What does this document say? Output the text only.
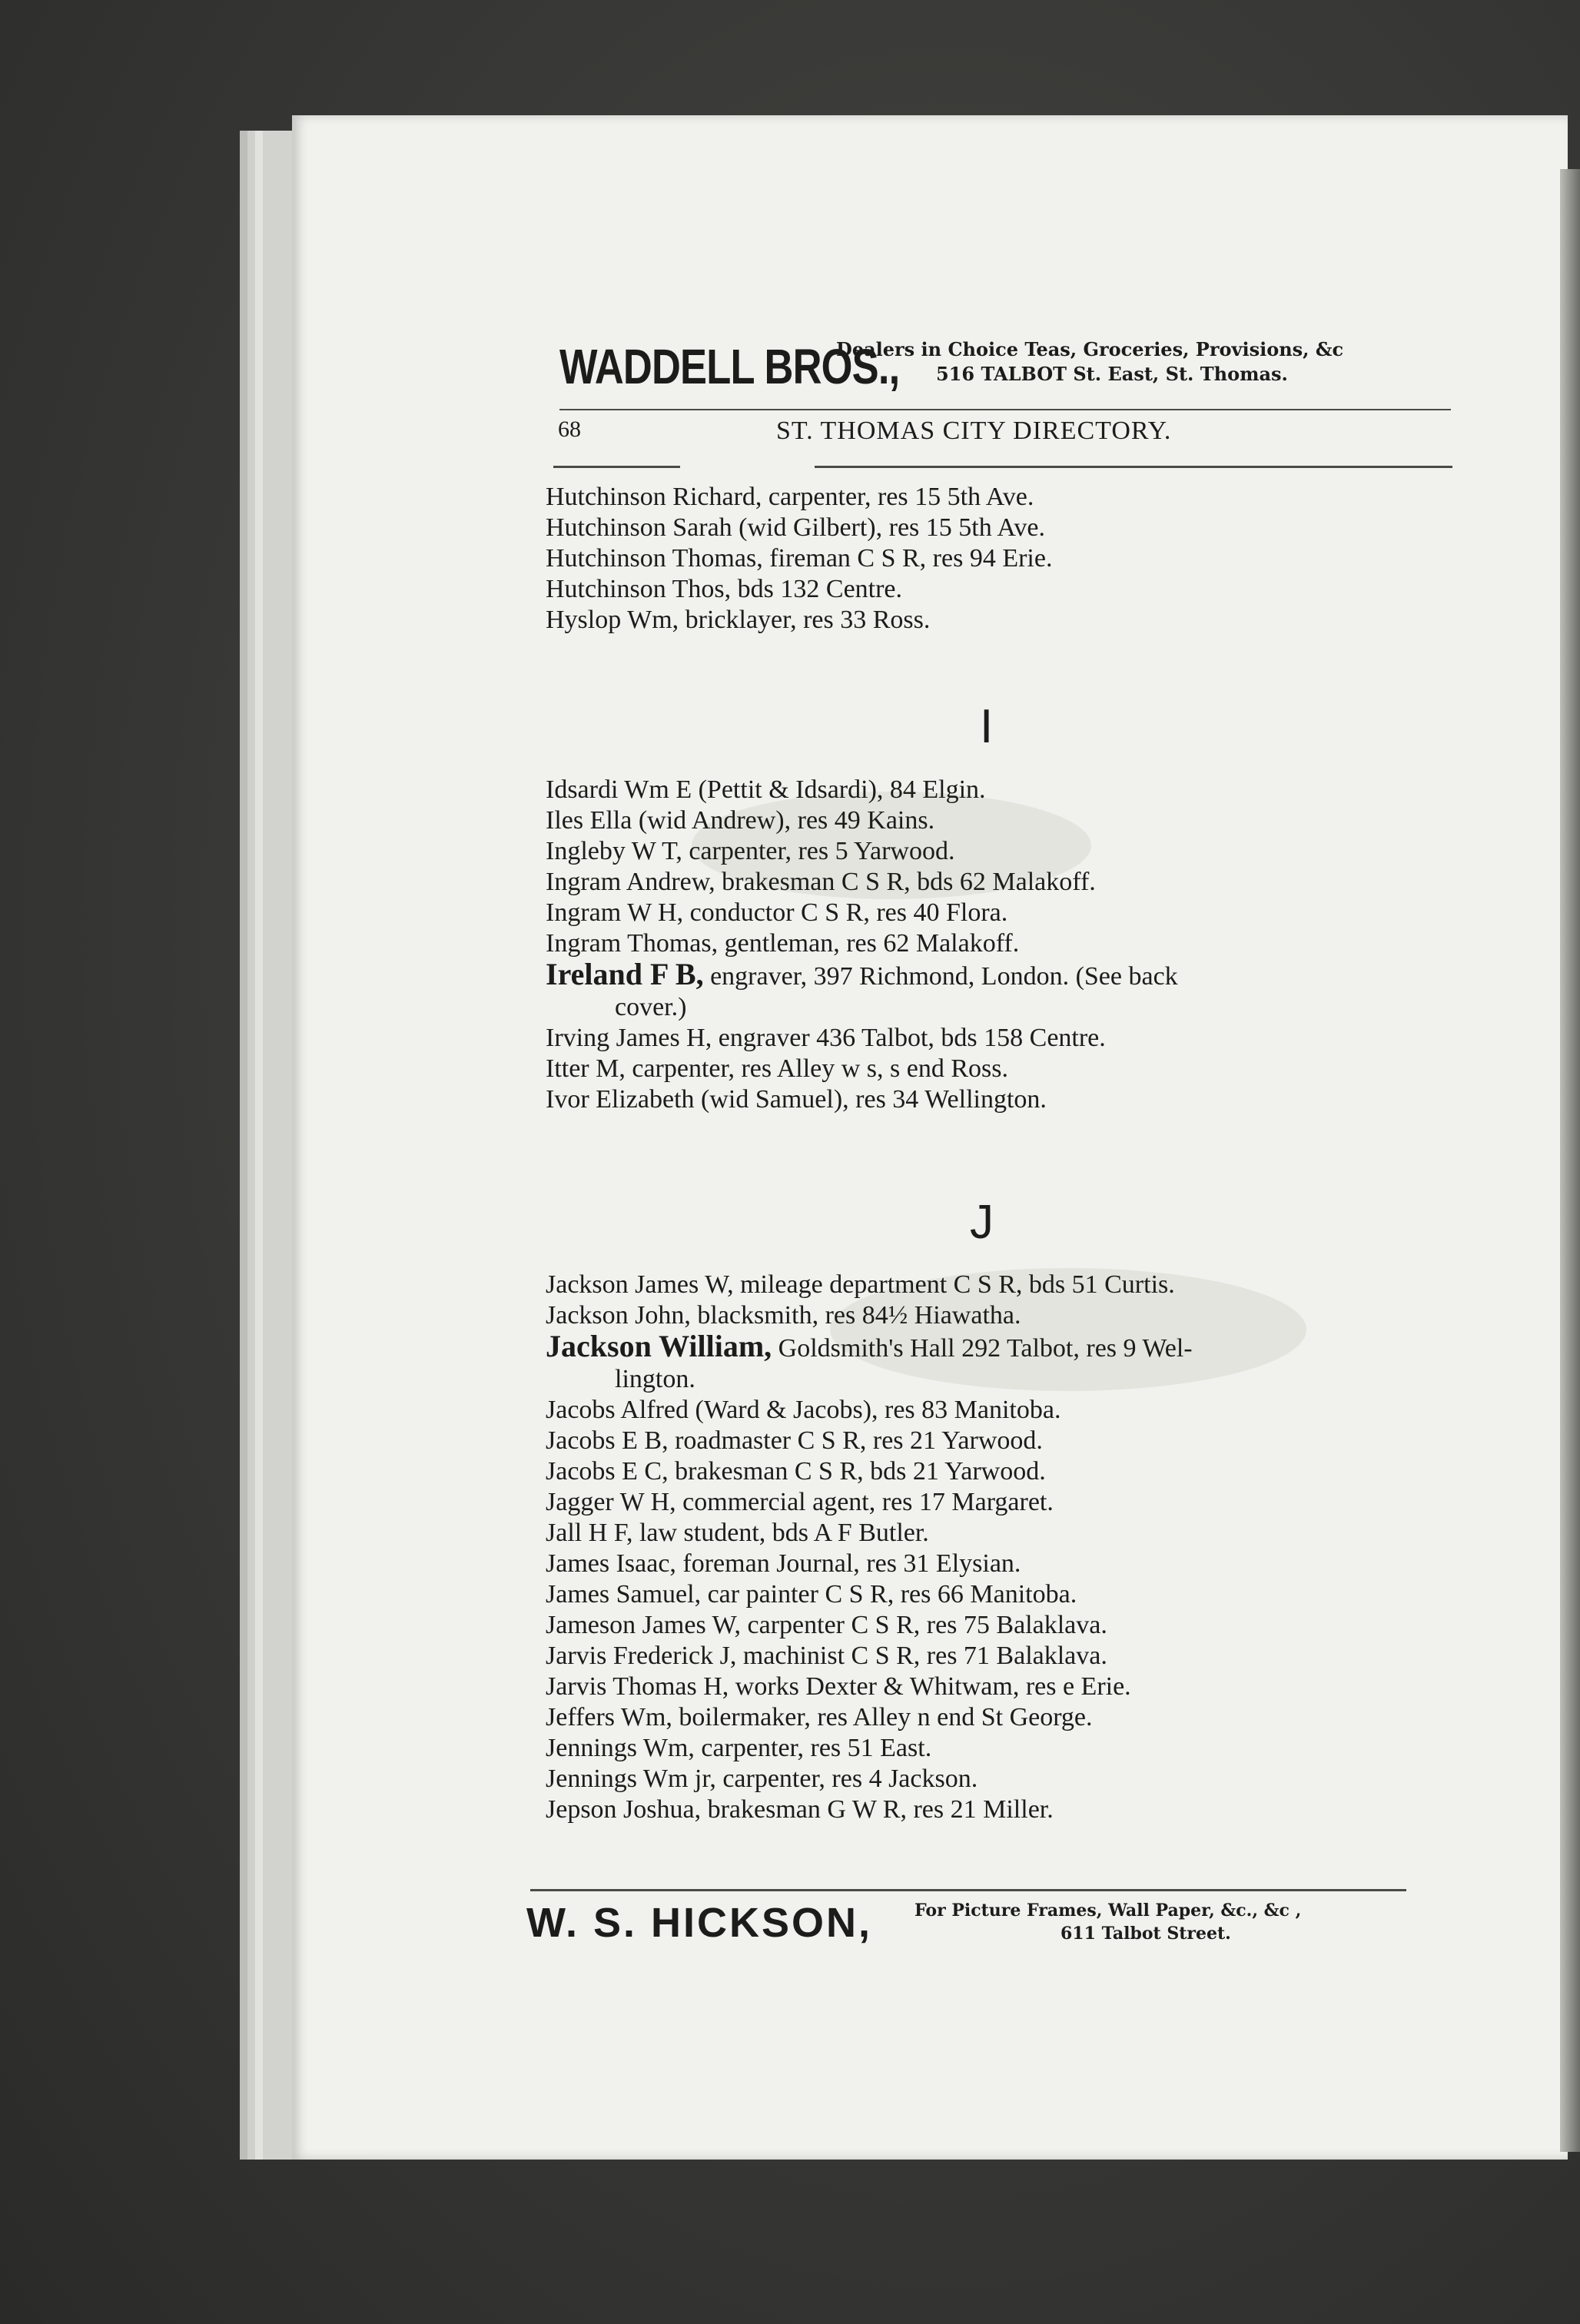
WADDELL BROS.,
Dealers in Choice Teas, Groceries, Provisions, &c
516 TALBOT St. East, St. Thomas.
68	ST. THOMAS CITY DIRECTORY.
Hutchinson Richard, carpenter, res 15 5th Ave.
Hutchinson Sarah (wid Gilbert), res 15 5th Ave.
Hutchinson Thomas, fireman C S R, res 94 Erie.
Hutchinson Thos, bds 132 Centre.
Hyslop Wm, bricklayer, res 33 Ross.
I
Idsardi Wm E (Pettit & Idsardi), 84 Elgin.
Iles Ella (wid Andrew), res 49 Kains.
Ingleby W T, carpenter, res 5 Yarwood.
Ingram Andrew, brakesman C S R, bds 62 Malakoff.
Ingram W H, conductor C S R, res 40 Flora.
Ingram Thomas, gentleman, res 62 Malakoff.
Ireland F B, engraver, 397 Richmond, London. (See back
cover.)
Irving James H, engraver 436 Talbot, bds 158 Centre.
Itter M, carpenter, res Alley w s, s end Ross.
Ivor Elizabeth (wid Samuel), res 34 Wellington.
J
Jackson James W, mileage department C S R, bds 51 Curtis.
Jackson John, blacksmith, res 84½ Hiawatha.
Jackson William, Goldsmith's Hall 292 Talbot, res 9 Wel-
lington.
Jacobs Alfred (Ward & Jacobs), res 83 Manitoba.
Jacobs E B, roadmaster C S R, res 21 Yarwood.
Jacobs E C, brakesman C S R, bds 21 Yarwood.
Jagger W H, commercial agent, res 17 Margaret.
Jall H F, law student, bds A F Butler.
James Isaac, foreman Journal, res 31 Elysian.
James Samuel, car painter C S R, res 66 Manitoba.
Jameson James W, carpenter C S R, res 75 Balaklava.
Jarvis Frederick J, machinist C S R, res 71 Balaklava.
Jarvis Thomas H, works Dexter & Whitwam, res e Erie.
Jeffers Wm, boilermaker, res Alley n end St George.
Jennings Wm, carpenter, res 51 East.
Jennings Wm jr, carpenter, res 4 Jackson.
Jepson Joshua, brakesman G W R, res 21 Miller.
W. S. HICKSON, For Picture Frames, Wall Paper, &c., &c ,
611 Talbot Street.
